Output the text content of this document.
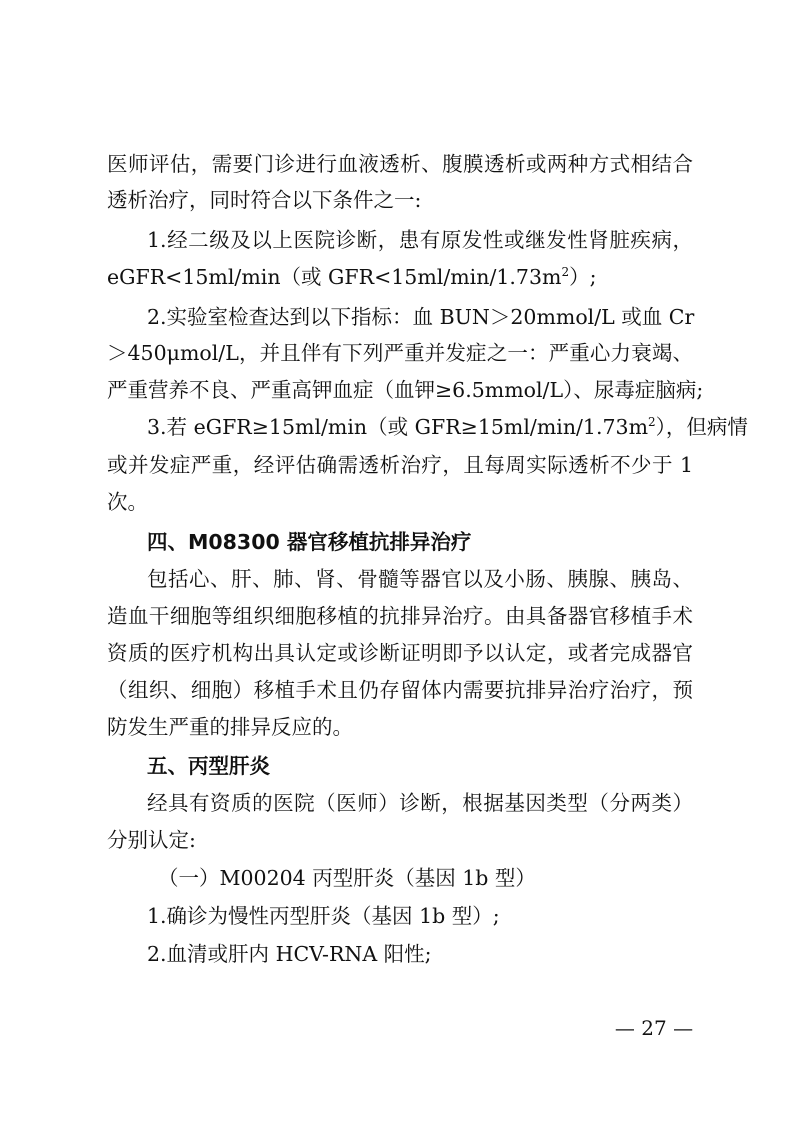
医师评估，需要门诊进行血液透析、腹膜透析或两种方式相结合
透析治疗，同时符合以下条件之一:
1.经二级及以上医院诊断，患有原发性或继发性肾脏疾病，
eGFR<15ml/min（或 $GFR<15ml/\min/1.73m^2$）;
2.实验室检查达到以下指标：血 BUN＞20mmol/L 或血 Cr
＞450μmol/L，并且伴有下列严重并发症之一：严重心力衰竭、
严重营养不良、严重高钾血症（血钾≥6.5mmol/L）、尿毒症脑病;
3.若 eGFR≥15ml/min（或 $GFR\ge 15ml/\min/1.73m^2$ ），但病情
或并发症严重，经评估确需透析治疗，且每周实际透析不少于 1
次。
四、M08300 器官移植抗排异治疗
包括心、肝、肺、肾、骨髓等器官以及小肠、胰腺、胰岛、
造血干细胞等组织细胞移植的抗排异治疗。由具备器官移植手术
资质的医疗机构出具认定或诊断证明即予以认定，或者完成器官
（组织、细胞）移植手术且仍存留体内需要抗排异治疗治疗，预
防发生严重的排异反应的。
五、丙型肝炎
经具有资质的医院（医师）诊断，根据基因类型（分两类）
分别认定:
（一）M00204 丙型肝炎（基因 1b 型）
1.确诊为慢性丙型肝炎（基因 1b 型）;
2.血清或肝内 HCV-RNA 阳性;
— 27 —
